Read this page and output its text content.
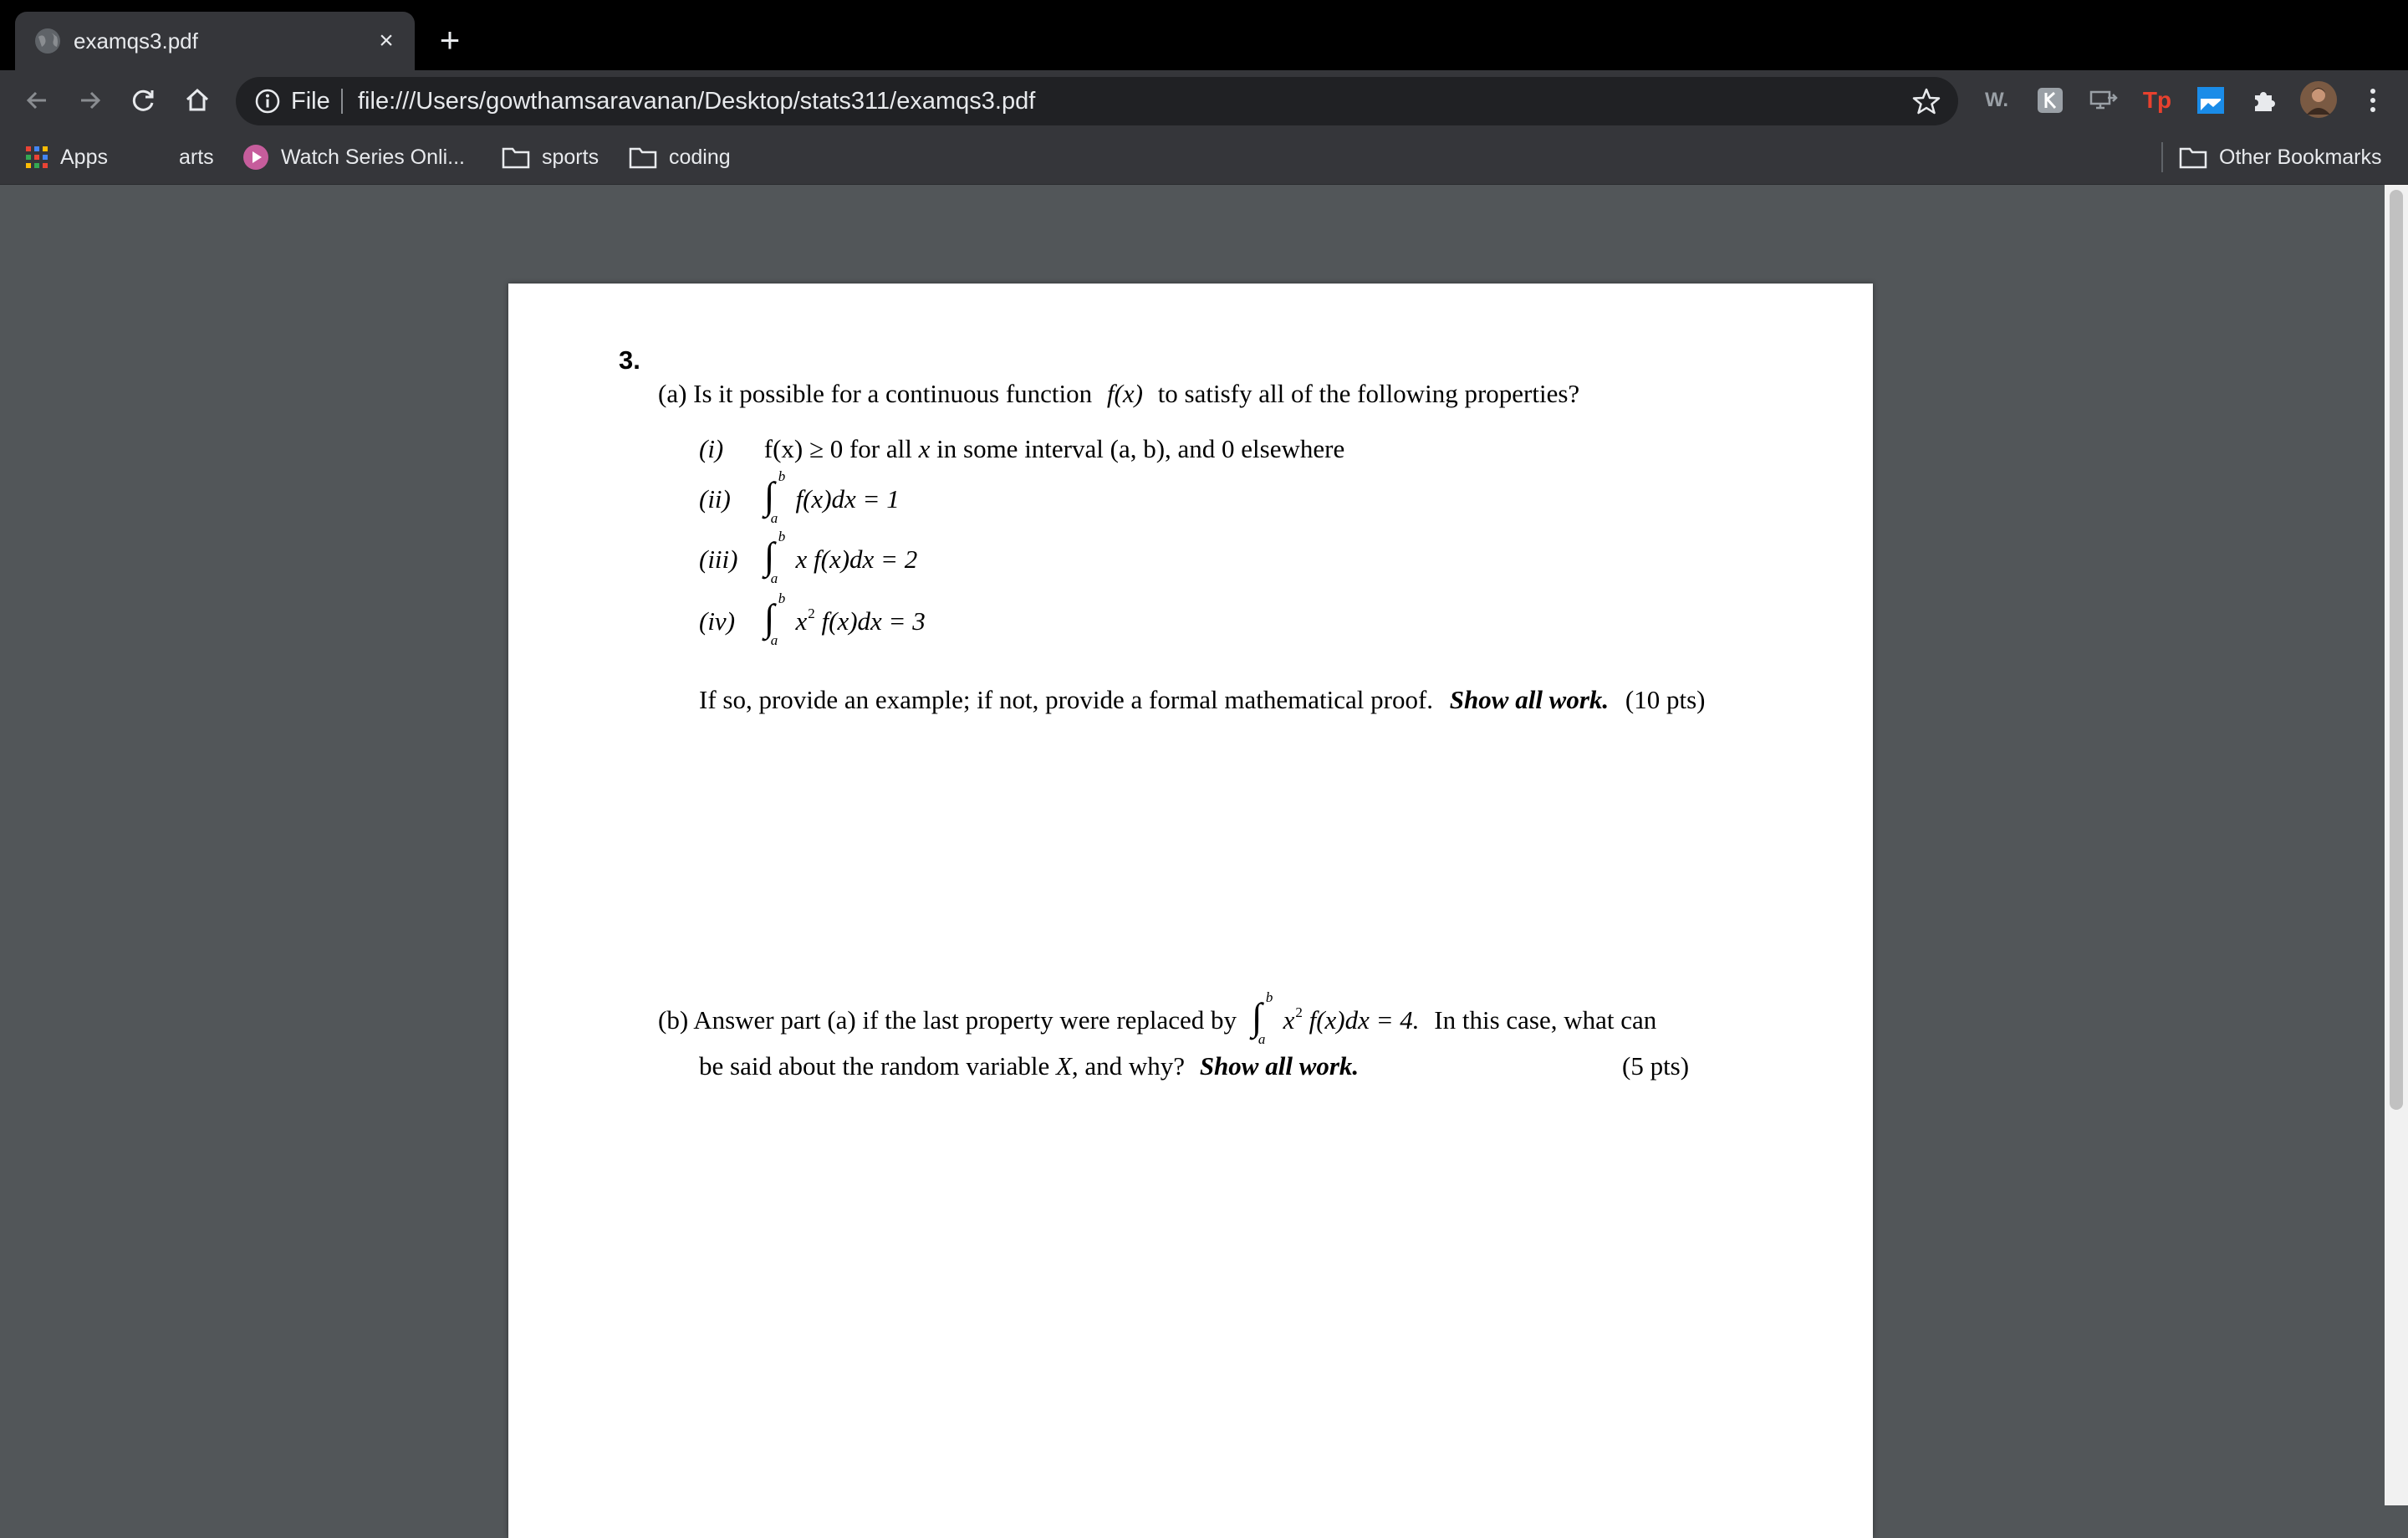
examqs3.pdf	×	+
File file:///Users/gowthamsaravanan/Desktop/stats311/examqs3.pdf	W.	Tp
Apps	arts	Watch Series Onli...	sports	coding	Other Bookmarks
3.
(a) Is it possible for a continuous function f(x) to satisfy all of the following properties?
(i) f(x) ≥ 0 for all x in some interval (a, b), and 0 elsewhere
(ii) ∫ b
a
f(x)dx = 1
(iii) ∫ b
a
x f(x)dx = 2
(iv) ∫ b
a
$x^2$ f(x)dx = 3
If so, provide an example; if not, provide a formal mathematical proof. Show all work. (10 pts)
(b) Answer part (a) if the last property were replaced by ∫ b
a
$x^2$ f(x)dx = 4. In this case, what can
be said about the random variable X, and why? Show all work.	(5 pts)
